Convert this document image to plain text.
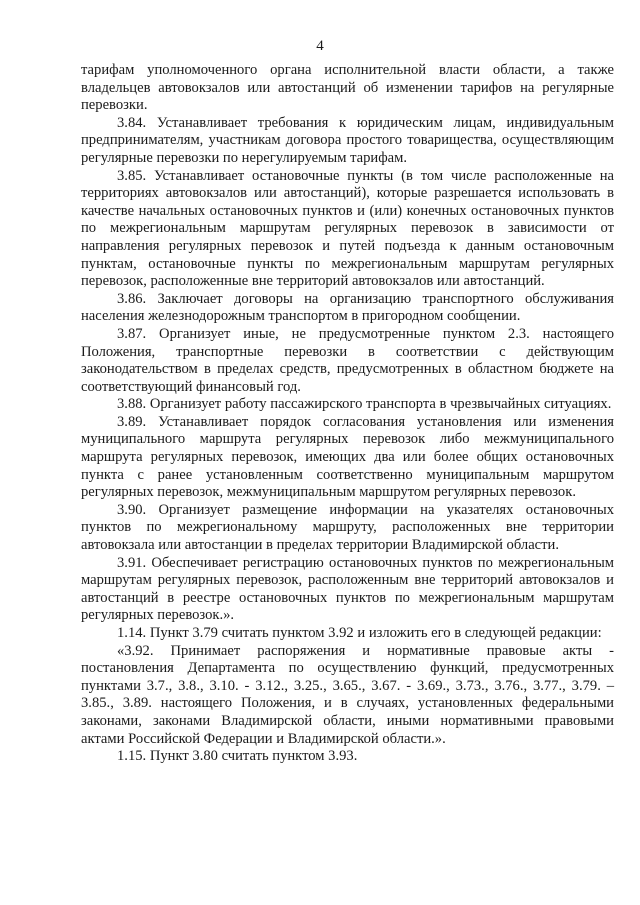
4

тарифам уполномоченного органа исполнительной власти области, а также владельцев автовокзалов или автостанций об изменении тарифов на регулярные перевозки.

3.84. Устанавливает требования к юридическим лицам, индивидуальным предпринимателям, участникам договора простого товарищества, осуществляющим регулярные перевозки по нерегулируемым тарифам.

3.85. Устанавливает остановочные пункты (в том числе расположенные на территориях автовокзалов или автостанций), которые разрешается использовать в качестве начальных остановочных пунктов и (или) конечных остановочных пунктов по межрегиональным маршрутам регулярных перевозок в зависимости от направления регулярных перевозок и путей подъезда к данным остановочным пунктам, остановочные пункты по межрегиональным маршрутам регулярных перевозок, расположенные вне территорий автовокзалов или автостанций.

3.86. Заключает договоры на организацию транспортного обслуживания населения железнодорожным транспортом в пригородном сообщении.

3.87. Организует иные, не предусмотренные пунктом 2.3. настоящего Положения, транспортные перевозки в соответствии с действующим законодательством в пределах средств, предусмотренных в областном бюджете на соответствующий финансовый год.

3.88. Организует работу пассажирского транспорта в чрезвычайных ситуациях.

3.89. Устанавливает порядок согласования установления или изменения муниципального маршрута регулярных перевозок либо межмуниципального маршрута регулярных перевозок, имеющих два или более общих остановочных пункта с ранее установленным соответственно муниципальным маршрутом регулярных перевозок, межмуниципальным маршрутом регулярных перевозок.

3.90. Организует размещение информации на указателях остановочных пунктов по межрегиональному маршруту, расположенных вне территории автовокзала или автостанции в пределах территории Владимирской области.

3.91. Обеспечивает регистрацию остановочных пунктов по межрегиональным маршрутам регулярных перевозок, расположенным вне территорий автовокзалов и автостанций в реестре остановочных пунктов по межрегиональным маршрутам регулярных перевозок.».

1.14. Пункт 3.79 считать пунктом 3.92 и изложить его в следующей редакции:

«3.92. Принимает распоряжения и нормативные правовые акты - постановления Департамента по осуществлению функций, предусмотренных пунктами 3.7., 3.8., 3.10. - 3.12., 3.25., 3.65., 3.67. - 3.69., 3.73., 3.76., 3.77., 3.79. – 3.85., 3.89. настоящего Положения, и в случаях, установленных федеральными законами, законами Владимирской области, иными нормативными правовыми актами Российской Федерации и Владимирской области.».

1.15. Пункт 3.80 считать пунктом 3.93.
